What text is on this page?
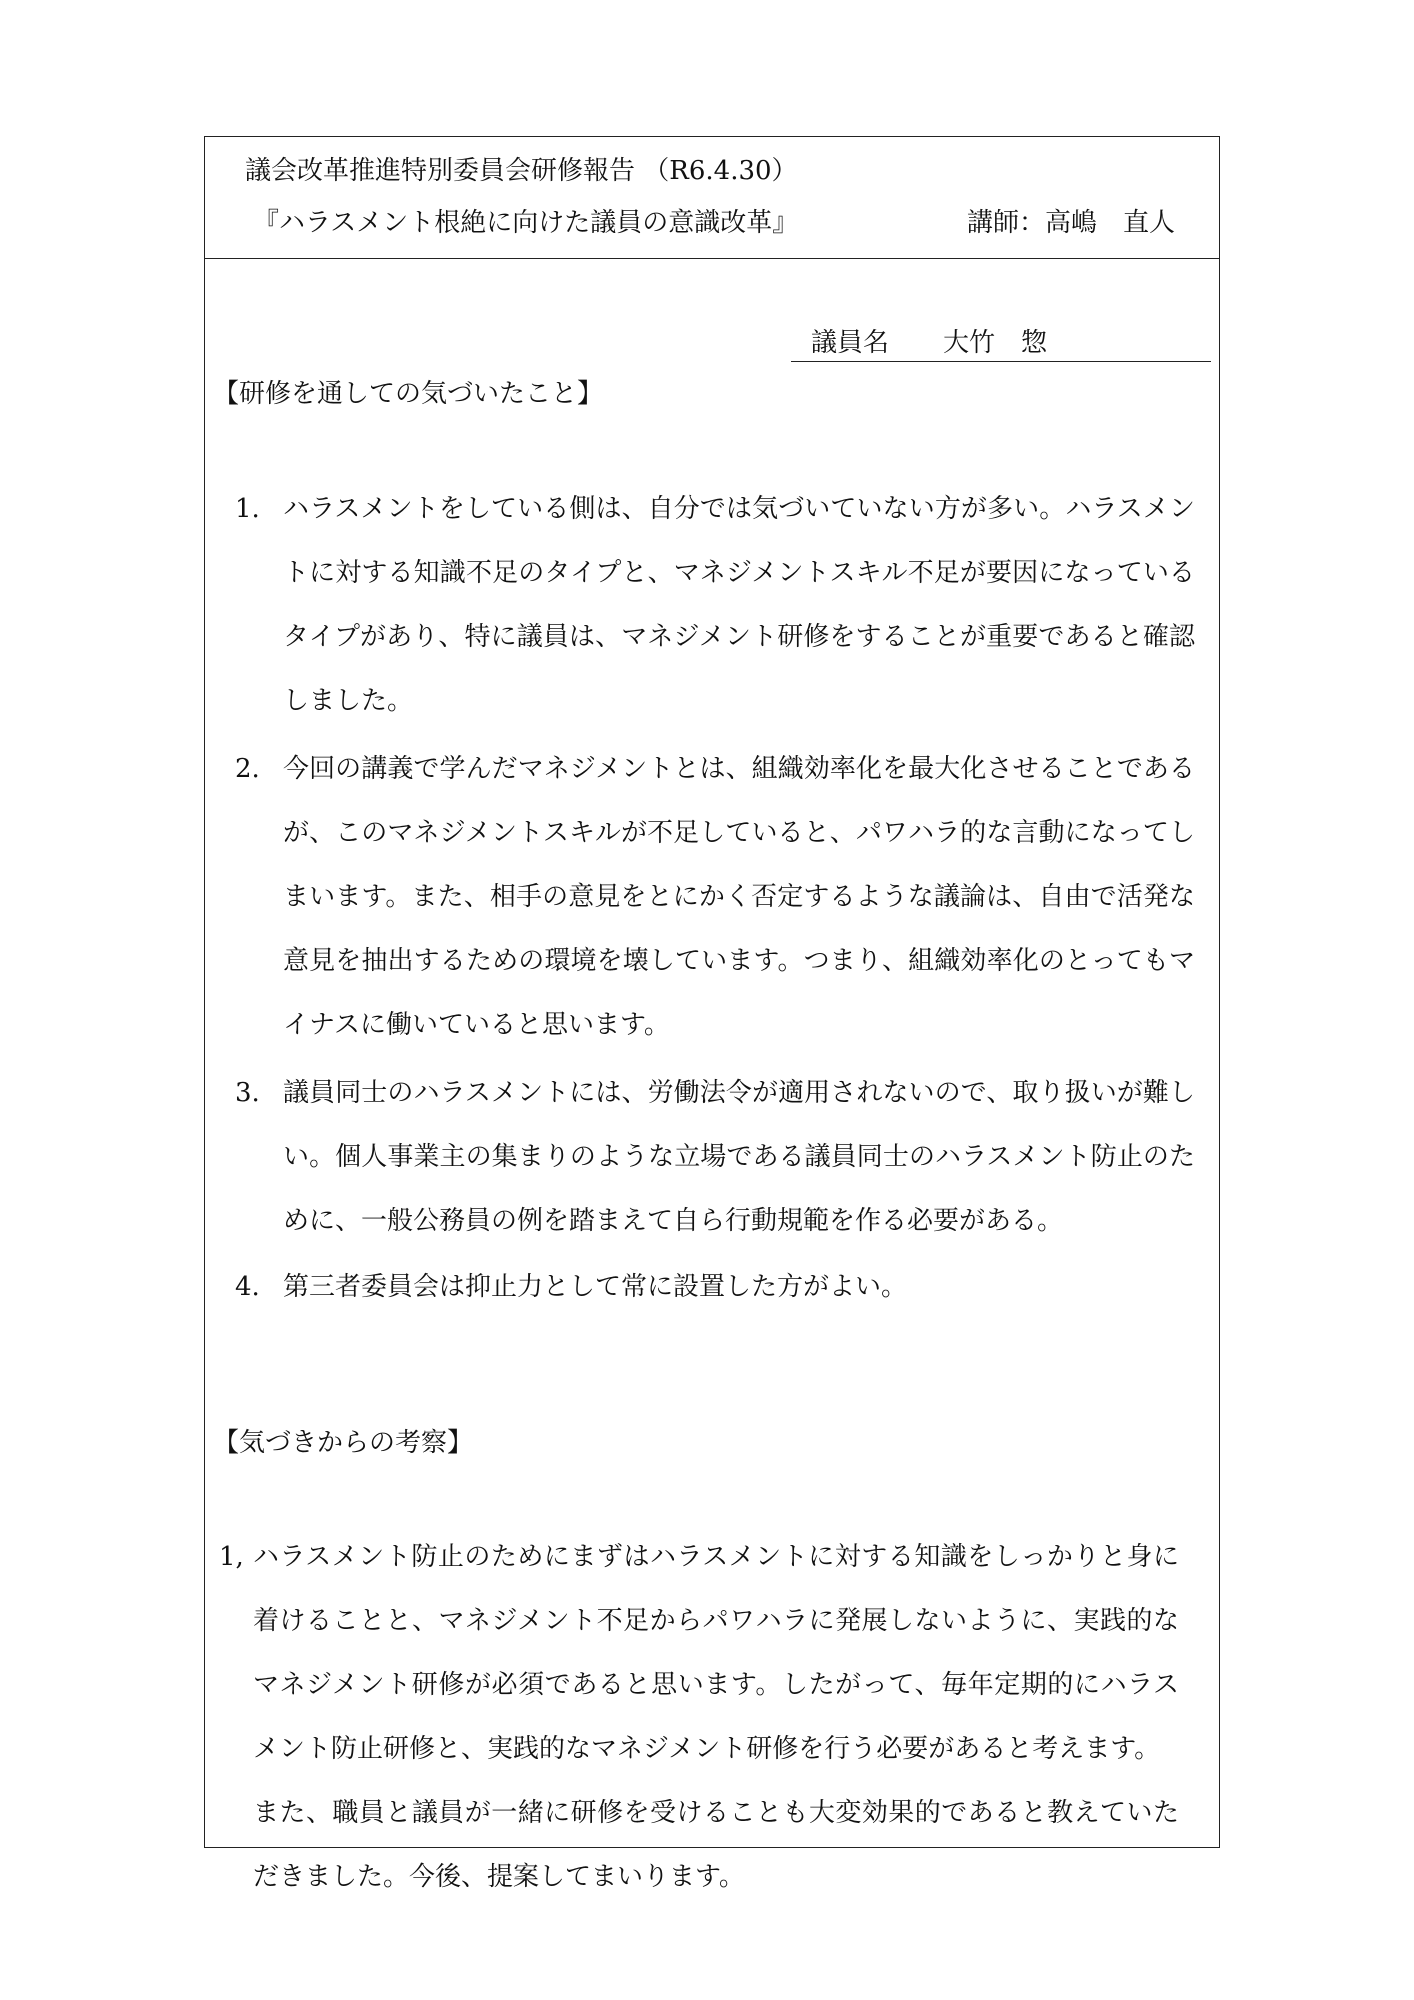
議会改革推進特別委員会研修報告 （R6.4.30）
『ハラスメント根絶に向けた議員の意識改革』	講師：高嶋　直人
議員名 大竹　惣
【研修を通しての気づいたこと】
1. ハラスメントをしている側は、自分では気づいていない方が多い。ハラスメントに対する知識不足のタイプと、マネジメントスキル不足が要因になっているタイプがあり、特に議員は、マネジメント研修をすることが重要であると確認しました。
2. 今回の講義で学んだマネジメントとは、組織効率化を最大化させることであるが、このマネジメントスキルが不足していると、パワハラ的な言動になってしまいます。また、相手の意見をとにかく否定するような議論は、自由で活発な意見を抽出するための環境を壊しています。つまり、組織効率化のとってもマイナスに働いていると思います。
3. 議員同士のハラスメントには、労働法令が適用されないので、取り扱いが難しい。個人事業主の集まりのような立場である議員同士のハラスメント防止のために、一般公務員の例を踏まえて自ら行動規範を作る必要がある。
4. 第三者委員会は抑止力として常に設置した方がよい。
【気づきからの考察】
1, ハラスメント防止のためにまずはハラスメントに対する知識をしっかりと身に着けることと、マネジメント不足からパワハラに発展しないように、実践的なマネジメント研修が必須であると思います。したがって、毎年定期的にハラスメント防止研修と、実践的なマネジメント研修を行う必要があると考えます。

また、職員と議員が一緒に研修を受けることも大変効果的であると教えていただきました。今後、提案してまいります。
